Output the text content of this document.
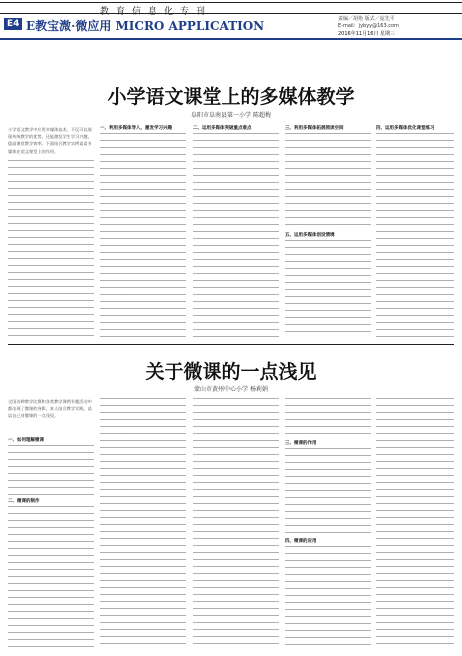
教育信息化专刊
E4 E教宝溦·微应用 MICRO APPLICATION	责编／胡艳 版式／庞先平
E-mail：jybyy@163.com
2016年11月16日 星期三
小学语文课堂上的多媒体教学
阜阳市阜南县第一小学 陈超梅
小学语文教学中应用多媒体技术，不仅可以展现传统教学的优势，还能激发学生学习兴趣，提高课堂教学效率。下面结合教学实例谈谈多媒体在语文课堂上的作用。
一、利用多媒体导入，激发学习兴趣	二、运用多媒体突破重点难点	三、利用多媒体拓展阅读空间	四、运用多媒体优化课堂练习
五、运用多媒体创设情境
关于微课的一点浅见
蒙山市黄州中心小学 杨莉娟
全国各种教学比赛和各类教学课例专题活动中都出现了微课的身影。本人结合教学实践，谈谈自己对微课的一点浅见。
一、如何理解微课
二、微课的制作
三、微课的作用
四、微课的应用
